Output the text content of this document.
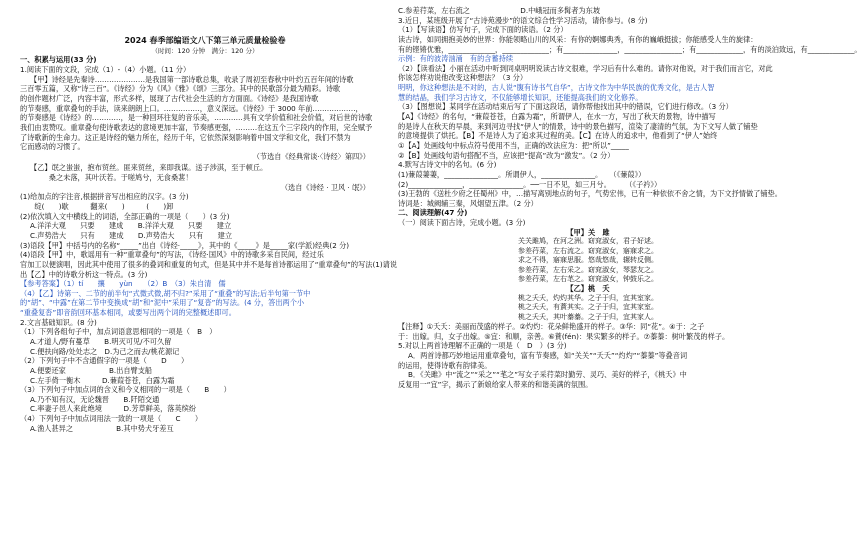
2024 春季部编语文八下第三单元质量检验卷
（时间：120 分钟　满分：120 分）
一、积累与运用(33 分)
1.阅读下面的文段，完成（1）-（4）小题。（11 分）
【甲】诗经是先秦诗…………………是我国第一部诗歌总集，收录了周初至春秋中叶约五百年间的诗歌
三百零五篇，又称“诗三百”。《诗经》分为《风》《雅》《颂》三部分。其中的民歌部分最为精彩。诗歌
的创作题材广泛，内容丰富，形式多样，展现了古代社会生活的方方面面。《诗经》是我国诗歌
的节奏感，重章叠句的手法，读来朗朗上口。……………，意义深远。《诗经》于 3000 年前………………，
的节奏感是《诗经》的…………，是一种回环往复的音乐美，…………具有文学价值和社会价值，对后世的诗歌
我们由衷赞叹。重章叠句使诗歌表达的意境更加丰富，节奏感更强，………在这五个三字段内的作用，完全赋予
了诗歌新的生命力。这正是诗经的魅力所在，经历千年，它依然深刻影响着中国文学和文化，我们不禁为
它而感动的习惯了。
（节选自《经典常谈·〈诗经〉第四》）
【乙】氓之蚩蚩，抱布贸丝。匪来贸丝，来即我谋。送子涉淇，至于顿丘。
　　　　桑之未落，其叶沃若。于嗟鸠兮，无食桑葚！
（选自《诗经 · 卫风 · 氓》）
(1)给加点的字注音,根据拼音写出相应的汉字。(3 分)
　　绽(　　)歇　　　翻来(　　)　　　(　　)卸
(2)依次填入文中横线上的词语，全部正确的一项是（　　）(3 分)
A.洋洋大观　　只要　　建成　　B.洋洋大观　　只要　　建立
C.声势浩大　　只有　　建成　　D.声势浩大　　只有　　建立
(3)语段【甲】中括号内的名称“_____”出自《诗经·_____》，其中的《_____》是_____家(学派)经典(2 分)
(4)语段【甲】中，歌谣用有一种“重章叠句”的写法，《诗经·国风》中的诗歌多采自民间，经过乐
官加工以便演唱，因此其中使用了很多的叠词和重复的句式，但是其中并不是每首诗都运用了“重章叠句”的写法(1)请说
出【乙】中的诗歌分析这一特点。(3 分)
【参考答案】（1）tí　　攘　　yùn　　（2）B　（3）朱自清　儒
（4）【乙】诗第一、二节的前半句“式微式微,胡不归?”采用了“重叠”的写法;后半句第一节中
的“胡”、“中露”在第二节中变换成“胡”和“泥中”采用了“复沓”的写法。(4 分，答出两个小
“重叠复沓”即音韵回环基本相同，或要写出两个词的完整概述即可。
2.文言基础知识。(8 分)
（1）下列各组句子中，加点词语意思相同的一项是（　B　）
A.才道人/野有蔓草　　B.明灭可见/不可久留
C.便扶向路/处处志之　D.为己之而去/桃花源记
（2）下列句子中不含通假字的一项是（　　D　　）
A.便要还家　　　　　　B.出自臂支船
C.左手倚一衡木　　　D.蒹葭苍苍，白露为霜
（3）下列句子中加点词的含义和今义相同的一项是（　　B　　）
A.乃不知有汉，无论魏晋　　B.阡陌交通
C.率妻子邑人来此绝境　　　D.芳草鲜美，落英缤纷
（4）下列句子中加点词用法一致的一项是（　　C　　）
A.渔人甚异之　　　　　　B.其中势犬牙差互
C.参差荇菜，左右流之　　　　　　　D.中峨冠而多髯者为东坡
3.近日，某班级开展了“古诗苑漫步”的语文综合性学习活动，请你参与。(8 分)
（1）【写读语】仿写句子，完成下面的读语。（2 分）
读古诗，如同拥抱美妙的世界：你能领略山川的风采：有你的婀娜典秀，有你的巍峨挺拔；你能感受人生的旋律：
有的铿锵优雅，_____________，_____________；有_______________，________________；有_____________，有的淡泊致远，有_____________。
示例：有的波涛汹涌　有的含蓄持续
（2）【读看法】小丽在活动中听到同桌明明说读古诗文很难，学习后有什么难的。请你对他说，对于我们而言它，对此
你该怎样劝说他改变这种想法？（3 分）
明明，你这种想法是不对的，古人说“腹有诗书气自华”，古诗文作为中华民族的优秀文化，是古人智
慧的结晶，我们学习古诗文，不仅能够增长知识，还能提高我们的文化修养。
（3）【图想说】某同学在活动结束后写了下面这段话，请你帮他找出其中的错误，它们进行修改。（3 分）
【A】《诗经》的名句，“蒹葭苍苍，白露为霜”，所谓伊人，在水一方，写出了秋天的景物，诗中描写
的是诗人在秋天的早晨，来到河边寻找“伊人”的情景，诗中的景色描写，渲染了凄清的气氛，为下文写人做了铺垫
的意境提供了烘托。【B】不是诗人为了追求其过程的美。【C】在诗人的追求中，他看到了“伊人”始终
①【A】处画线句中标点符号使用不当，正确的改法应为：把“所以”_____
②【B】处画线句语句搭配不当，应该把“提高”改为“激发”。（2 分）
4.默写古诗文中的名句。(6 分)
(1)蒹葭萋萋，_______________。所谓伊人，_______________。　　（《蒹葭》）
(2)_______________，_______________。──一日不见，如三月兮。　　　（《子衿》）
(3)王勃的《送杜少府之任蜀州》中，…描写离别地点的句子，气势宏伟，已有一种依依不舍之情，为下文抒情做了铺垫。
诗词是：城阙辅三秦，风烟望五津。（2 分）
二、阅读理解(47 分)
（一）阅读下面古诗，完成小题。(3 分)
【甲】关　雎
关关雎鸠，在河之洲。窈窕淑女，君子好逑。
参差荇菜，左右流之。窈窕淑女，寤寐求之。
求之不得，寤寐思服。悠哉悠哉，辗转反侧。
参差荇菜，左右采之。窈窕淑女，琴瑟友之。
参差荇菜，左右芼之。窈窕淑女，钟鼓乐之。
【乙】桃　夭
桃之夭夭，灼灼其华。之子于归，宜其室家。
桃之夭夭，有蕡其实。之子于归，宜其家室。
桃之夭夭，其叶蓁蓁。之子于归，宜其家人。
【注释】①夭夭：美丽而茂盛的样子。②灼灼：花朵鲜艳盛开的样子。③华：同“花”。④于：之子
于：出嫁。归，女子出嫁。⑤宜：和顺，亲善。⑥蕡(fén)：果实繁多的样子。⑦蓁蓁：树叶繁茂的样子。
5.对以上两首诗理解不正确的一项是（　D　）(3 分)
A．两首诗都巧妙地运用重章叠句，富有节奏感，如“关关”“夭夭”“灼灼”“蓁蓁”等叠音词
的运用，使得诗歌有韵律美。
B．《关雎》中“流之”“采之”“芼之”写女子采荇菜时勤劳、灵巧、美好的样子，《桃夭》中
反复用一“宜”字，揭示了新娘给家人带来的和谐美满的氛围。
